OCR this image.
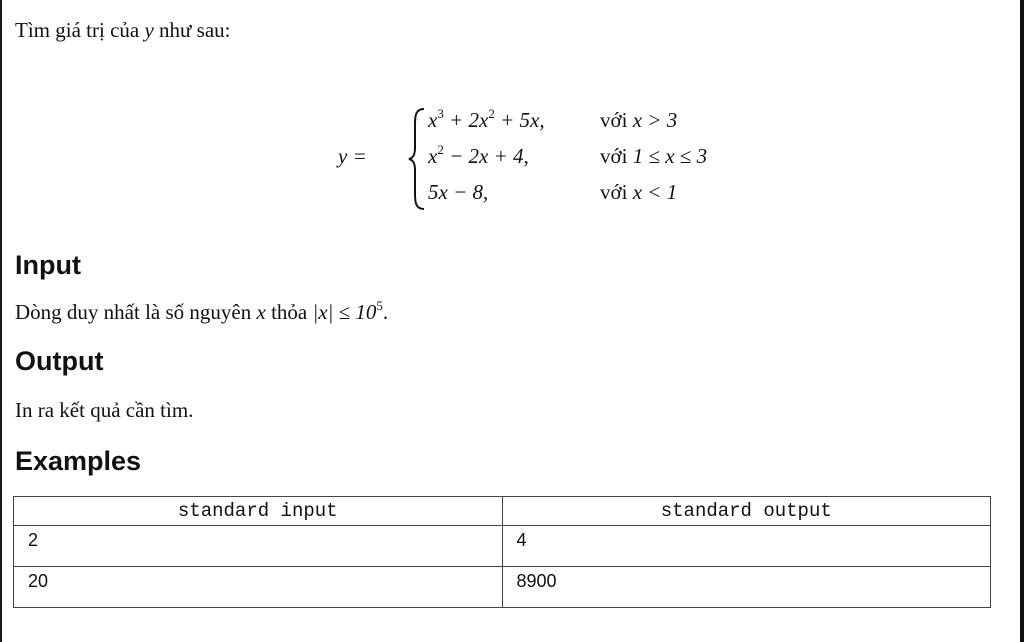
Tìm giá trị của y như sau:
y =
$x^3 + 2x^2 + 5x$,	với x > 3
$x^2 - 2x + 4$,	với 1 ≤ x ≤ 3
5x − 8,	với x < 1
Input
Dòng duy nhất là số nguyên x thỏa $|x| \le 10^5$.
Output
In ra kết quả cần tìm.
Examples
standard input	standard output
2	4
20	8900
